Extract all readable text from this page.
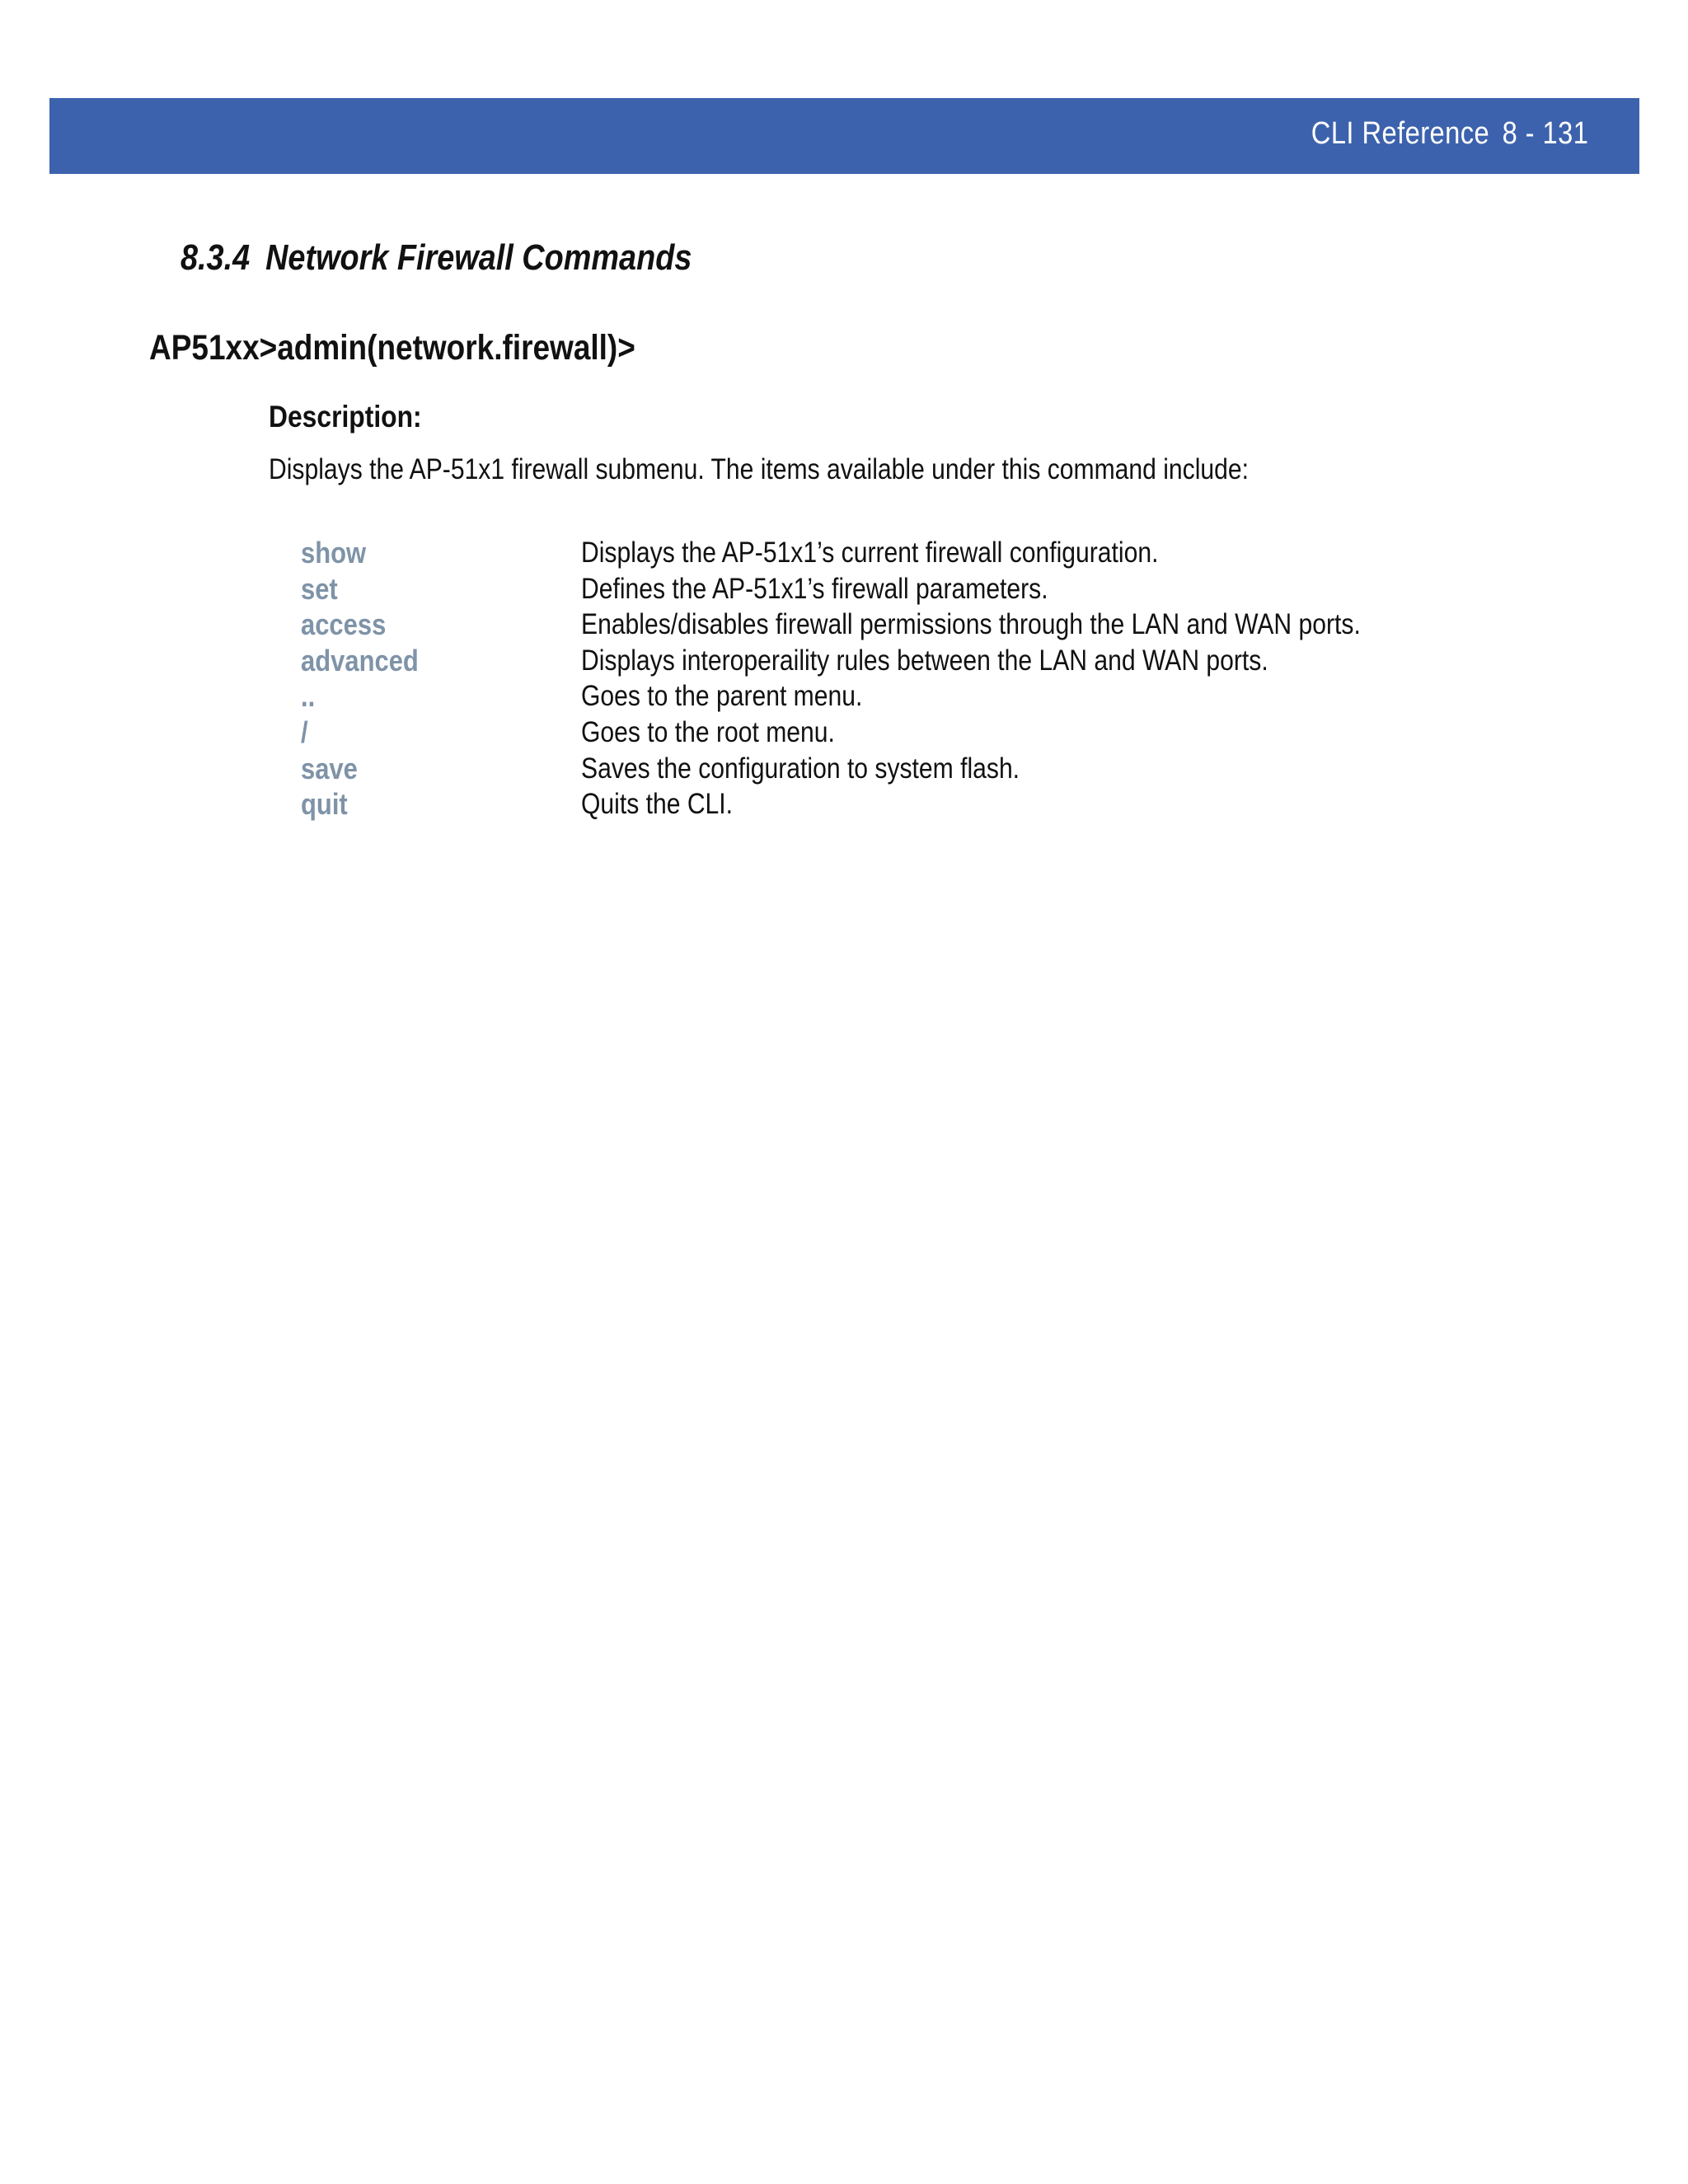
CLI Reference 8 - 131
8.3.4 Network Firewall Commands
AP51xx>admin(network.firewall)>
Description:
Displays the AP-51x1 firewall submenu. The items available under this command include:
show	Displays the AP-51x1’s current firewall configuration.
set	Defines the AP-51x1’s firewall parameters.
access	Enables/disables firewall permissions through the LAN and WAN ports.
advanced	Displays interoperaility rules between the LAN and WAN ports.
..	Goes to the parent menu.
/	Goes to the root menu.
save	Saves the configuration to system flash.
quit	Quits the CLI.
